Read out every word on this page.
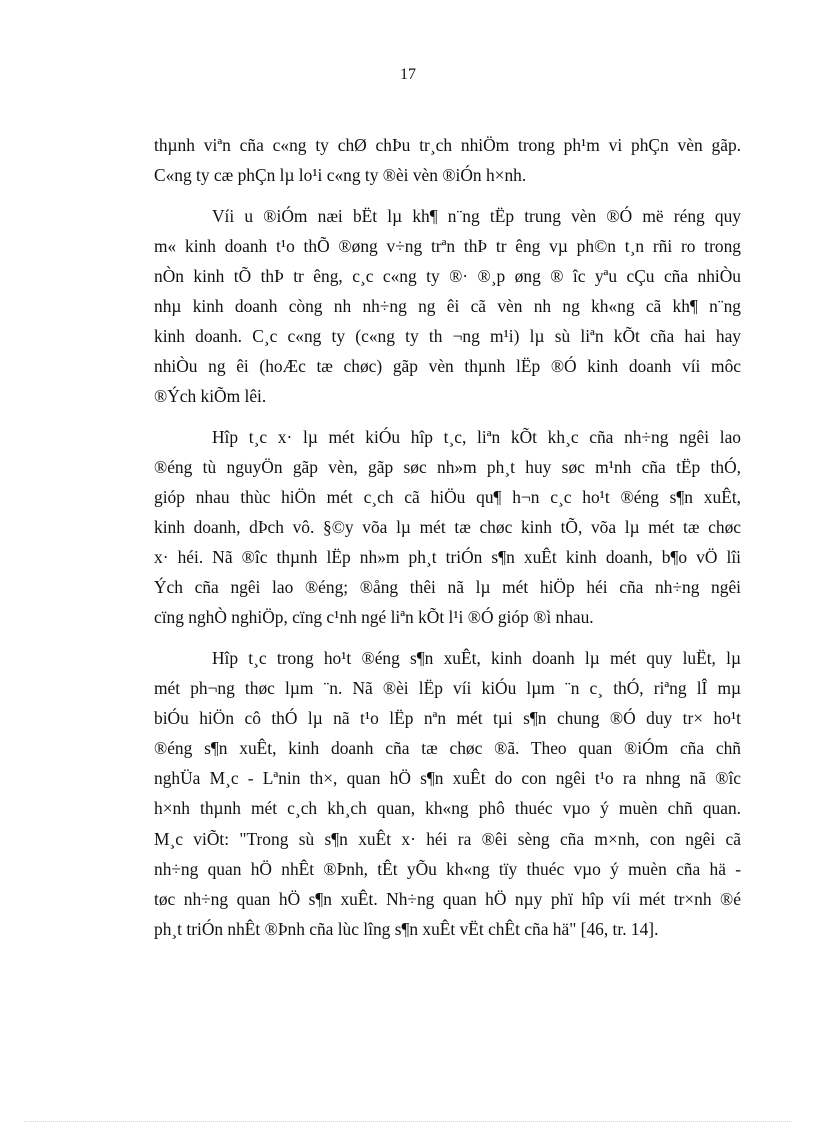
17

thµnh viªn cña c«ng ty chØ chÞu tr¸ch nhiÖm trong ph¹m vi phÇn vèn gãp.
C«ng ty cæ phÇn lµ lo¹i c«ng ty ®èi vèn ®iÓn h×nh.

Víi u ®iÓm næi bËt lµ kh¶ n¨ng tËp trung vèn ®Ó më réng quy
m« kinh doanh t¹o thÕ ®øng v÷ng trªn thÞ tr êng vµ ph©n t¸n rñi ro trong
nÒn kinh tÕ thÞ tr êng, c¸c c«ng ty ®· ®¸p øng ® îc yªu cÇu cña nhiÒu
nhµ kinh doanh còng nh nh÷ng ng êi cã vèn nh ng kh«ng cã kh¶ n¨ng
kinh doanh. C¸c c«ng ty (c«ng ty th ¬ng m¹i) lµ sù liªn kÕt cña hai hay
nhiÒu ng êi (hoÆc tæ chøc) gãp vèn thµnh lËp ®Ó kinh doanh víi môc
®Ých kiÕm lêi.

Hîp t¸c x· lµ mét kiÓu hîp t¸c, liªn kÕt kh¸c cña nh÷ng ngêi lao
®éng tù nguyÖn gãp vèn, gãp søc nh»m ph¸t huy søc m¹nh cña tËp thÓ,
gióp nhau thùc hiÖn mét c¸ch cã hiÖu qu¶ h¬n c¸c ho¹t ®éng s¶n xuÊt,
kinh doanh, dÞch vô. §©y võa lµ mét tæ chøc kinh tÕ, võa lµ mét tæ chøc
x· héi. Nã ®îc thµnh lËp nh»m ph¸t triÓn s¶n xuÊt kinh doanh, b¶o vÖ lîi
Ých cña ngêi lao ®éng; ®ång thêi nã lµ mét hiÖp héi cña nh÷ng ngêi
cïng nghÒ nghiÖp, cïng c¹nh ngé liªn kÕt l¹i ®Ó gióp ®ì nhau.

Hîp t¸c trong ho¹t ®éng s¶n xuÊt, kinh doanh lµ mét quy luËt, lµ
mét ph¬ng thøc lµm ¨n. Nã ®èi lËp víi kiÓu lµm ¨n c¸ thÓ, riªng lÎ mµ
biÓu hiÖn cô thÓ lµ nã t¹o lËp nªn mét tµi s¶n chung ®Ó duy tr× ho¹t
®éng s¶n xuÊt, kinh doanh cña tæ chøc ®ã. Theo quan ®iÓm cña chñ
nghÜa M¸c - Lªnin th×, quan hÖ s¶n xuÊt do con ngêi t¹o ra nhng nã ®îc
h×nh thµnh mét c¸ch kh¸ch quan, kh«ng phô thuéc vµo ý muèn chñ quan.
M¸c viÕt: "Trong sù s¶n xuÊt x· héi ra ®êi sèng cña m×nh, con ngêi cã
nh÷ng quan hÖ nhÊt ®Þnh, tÊt yÕu kh«ng tïy thuéc vµo ý muèn cña hä -
tøc nh÷ng quan hÖ s¶n xuÊt. Nh÷ng quan hÖ nµy phï hîp víi mét tr×nh ®é
ph¸t triÓn nhÊt ®Þnh cña lùc lîng s¶n xuÊt vËt chÊt cña hä" [46, tr. 14].
